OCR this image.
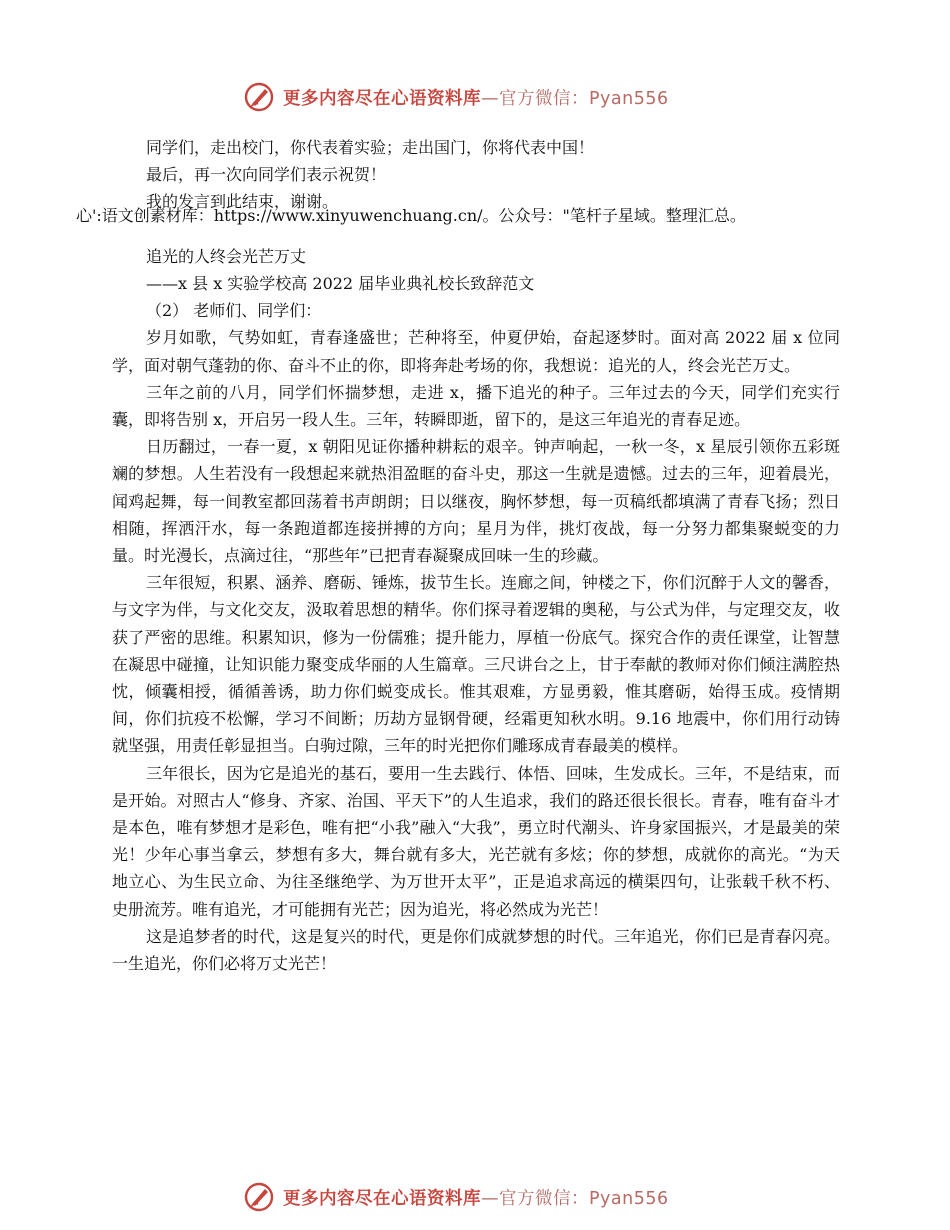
更多内容尽在心语资料库—官方微信：Pyan556
同学们，走出校门，你代表着实验；走出国门，你将代表中国！
最后，再一次向同学们表示祝贺！
我的发言到此结束，谢谢。
追光的人终会光芒万丈
——x 县 x 实验学校高 2022 届毕业典礼校长致辞范文
（2） 老师们、同学们：
岁月如歌，气势如虹，青春逢盛世；芒种将至，仲夏伊始，奋起逐梦时。面对高 2022 届 x 位同学，面对朝气蓬勃的你、奋斗不止的你，即将奔赴考场的你，我想说：追光的人，终会光芒万丈。
三年之前的八月，同学们怀揣梦想，走进 x，播下追光的种子。三年过去的今天，同学们充实行囊，即将告别 x，开启另一段人生。三年，转瞬即逝，留下的，是这三年追光的青春足迹。
日历翻过，一春一夏，x 朝阳见证你播种耕耘的艰辛。钟声响起，一秋一冬，x 星辰引领你五彩斑斓的梦想。人生若没有一段想起来就热泪盈眶的奋斗史，那这一生就是遗憾。过去的三年，迎着晨光，闻鸡起舞，每一间教室都回荡着书声朗朗；日以继夜，胸怀梦想，每一页稿纸都填满了青春飞扬；烈日相随，挥洒汗水，每一条跑道都连接拼搏的方向；星月为伴，挑灯夜战，每一分努力都集聚蜕变的力量。时光漫长，点滴过往，“那些年”已把青春凝聚成回味一生的珍藏。
三年很短，积累、涵养、磨砺、锤炼，拔节生长。连廊之间，钟楼之下，你们沉醉于人文的馨香，与文字为伴，与文化交友，汲取着思想的精华。你们探寻着逻辑的奥秘，与公式为伴，与定理交友，收获了严密的思维。积累知识，修为一份儒雅；提升能力，厚植一份底气。探究合作的责任课堂，让智慧在凝思中碰撞，让知识能力聚变成华丽的人生篇章。三尺讲台之上，甘于奉献的教师对你们倾注满腔热忱，倾囊相授，循循善诱，助力你们蜕变成长。惟其艰难，方显勇毅，惟其磨砺，始得玉成。疫情期间，你们抗疫不松懈，学习不间断；历劫方显钢骨硬，经霜更知秋水明。9.16 地震中，你们用行动铸就坚强，用责任彰显担当。白驹过隙，三年的时光把你们雕琢成青春最美的模样。
三年很长，因为它是追光的基石，要用一生去践行、体悟、回味，生发成长。三年，不是结束，而是开始。对照古人“修身、齐家、治国、平天下”的人生追求，我们的路还很长很长。青春，唯有奋斗才是本色，唯有梦想才是彩色，唯有把“小我”融入“大我”，勇立时代潮头、许身家国振兴，才是最美的荣光！少年心事当拿云，梦想有多大，舞台就有多大，光芒就有多炫；你的梦想，成就你的高光。“为天地立心、为生民立命、为往圣继绝学、为万世开太平”，正是追求高远的横渠四句，让张载千秋不朽、史册流芳。唯有追光，才可能拥有光芒；因为追光，将必然成为光芒！
这是追梦者的时代，这是复兴的时代，更是你们成就梦想的时代。三年追光，你们已是青春闪亮。一生追光，你们必将万丈光芒！
心':语文创素材库：https://www.xinyuwenchuang.cn/。公众号："笔杆子星域。整理汇总。
更多内容尽在心语资料库—官方微信：Pyan556
